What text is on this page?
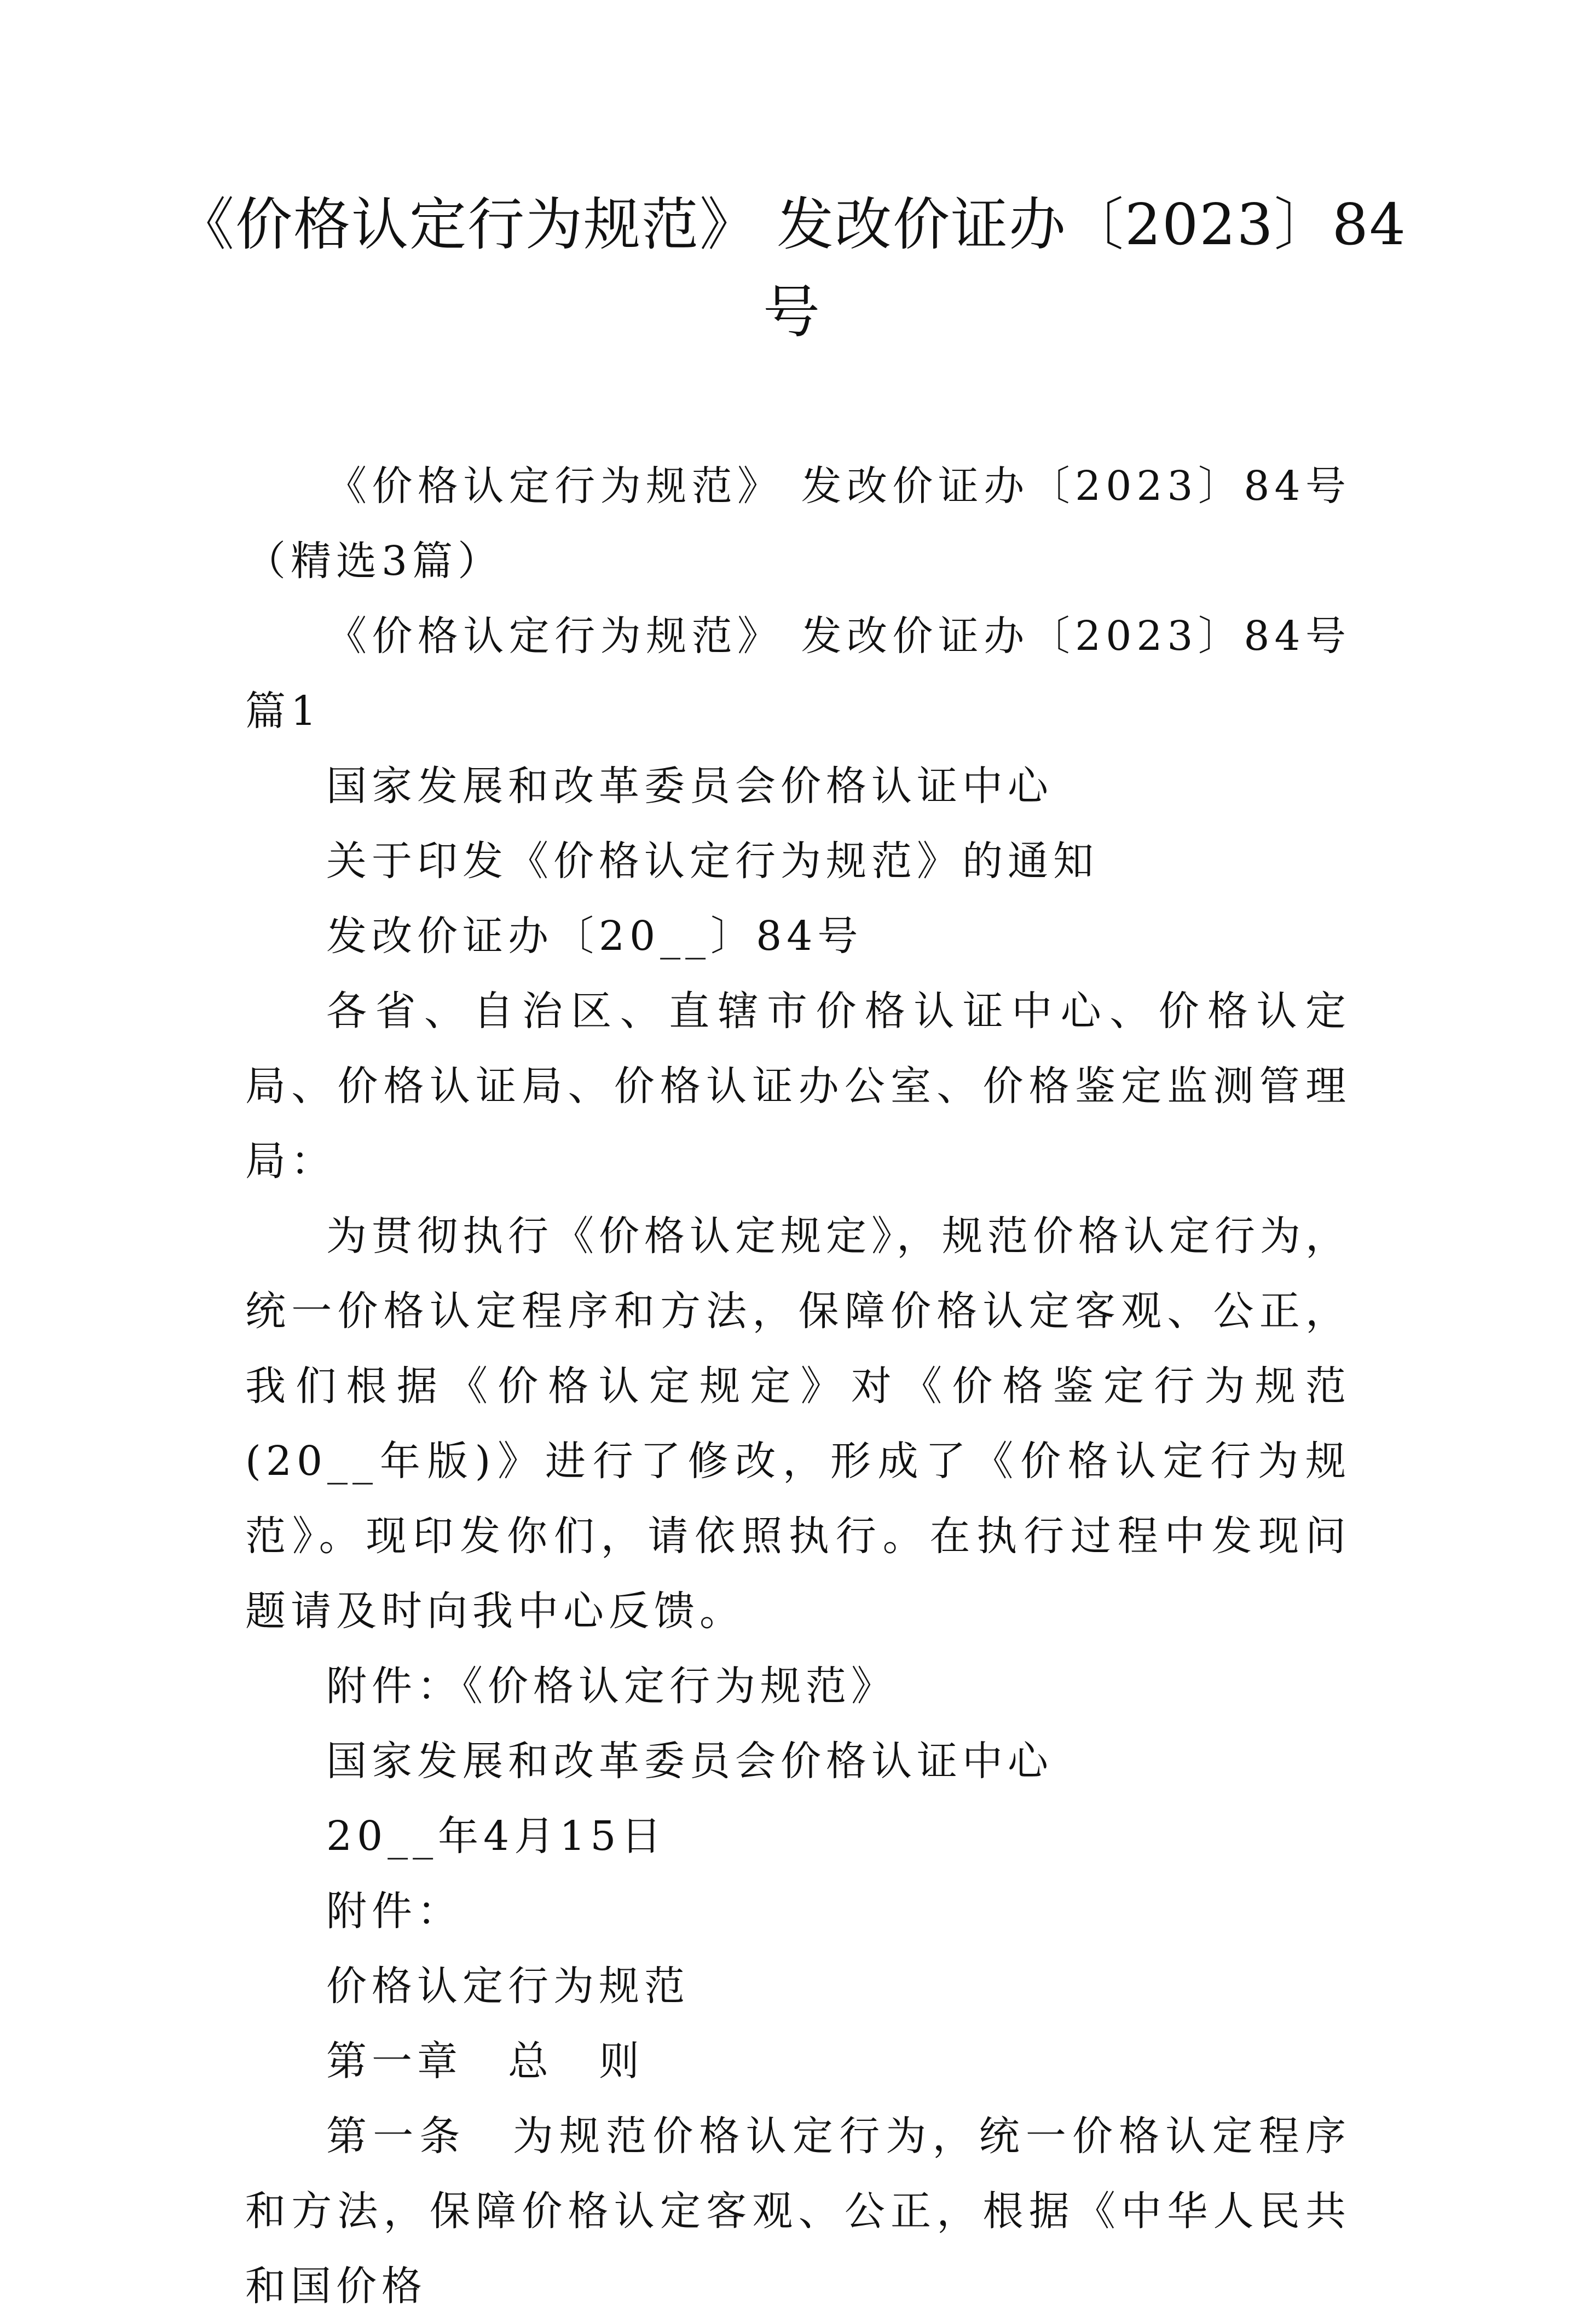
《价格认定行为规范》 发改价证办〔2023〕84号

《价格认定行为规范》 发改价证办〔2023〕84号（精选3篇）

《价格认定行为规范》 发改价证办〔2023〕84号 篇1

国家发展和改革委员会价格认证中心

关于印发《价格认定行为规范》的通知

发改价证办〔20__〕84号

各省、自治区、直辖市价格认证中心、价格认定局、价格认证局、价格认证办公室、价格鉴定监测管理局：

为贯彻执行《价格认定规定》，规范价格认定行为，统一价格认定程序和方法，保障价格认定客观、公正，我们根据《价格认定规定》对《价格鉴定行为规范(20__年版)》进行了修改，形成了《价格认定行为规范》。现印发你们，请依照执行。在执行过程中发现问题请及时向我中心反馈。

附件：《价格认定行为规范》

国家发展和改革委员会价格认证中心

20__年4月15日

附件：

价格认定行为规范

第一章　总　则

第一条　为规范价格认定行为，统一价格认定程序和方法，保障价格认定客观、公正，根据《中华人民共和国价格
